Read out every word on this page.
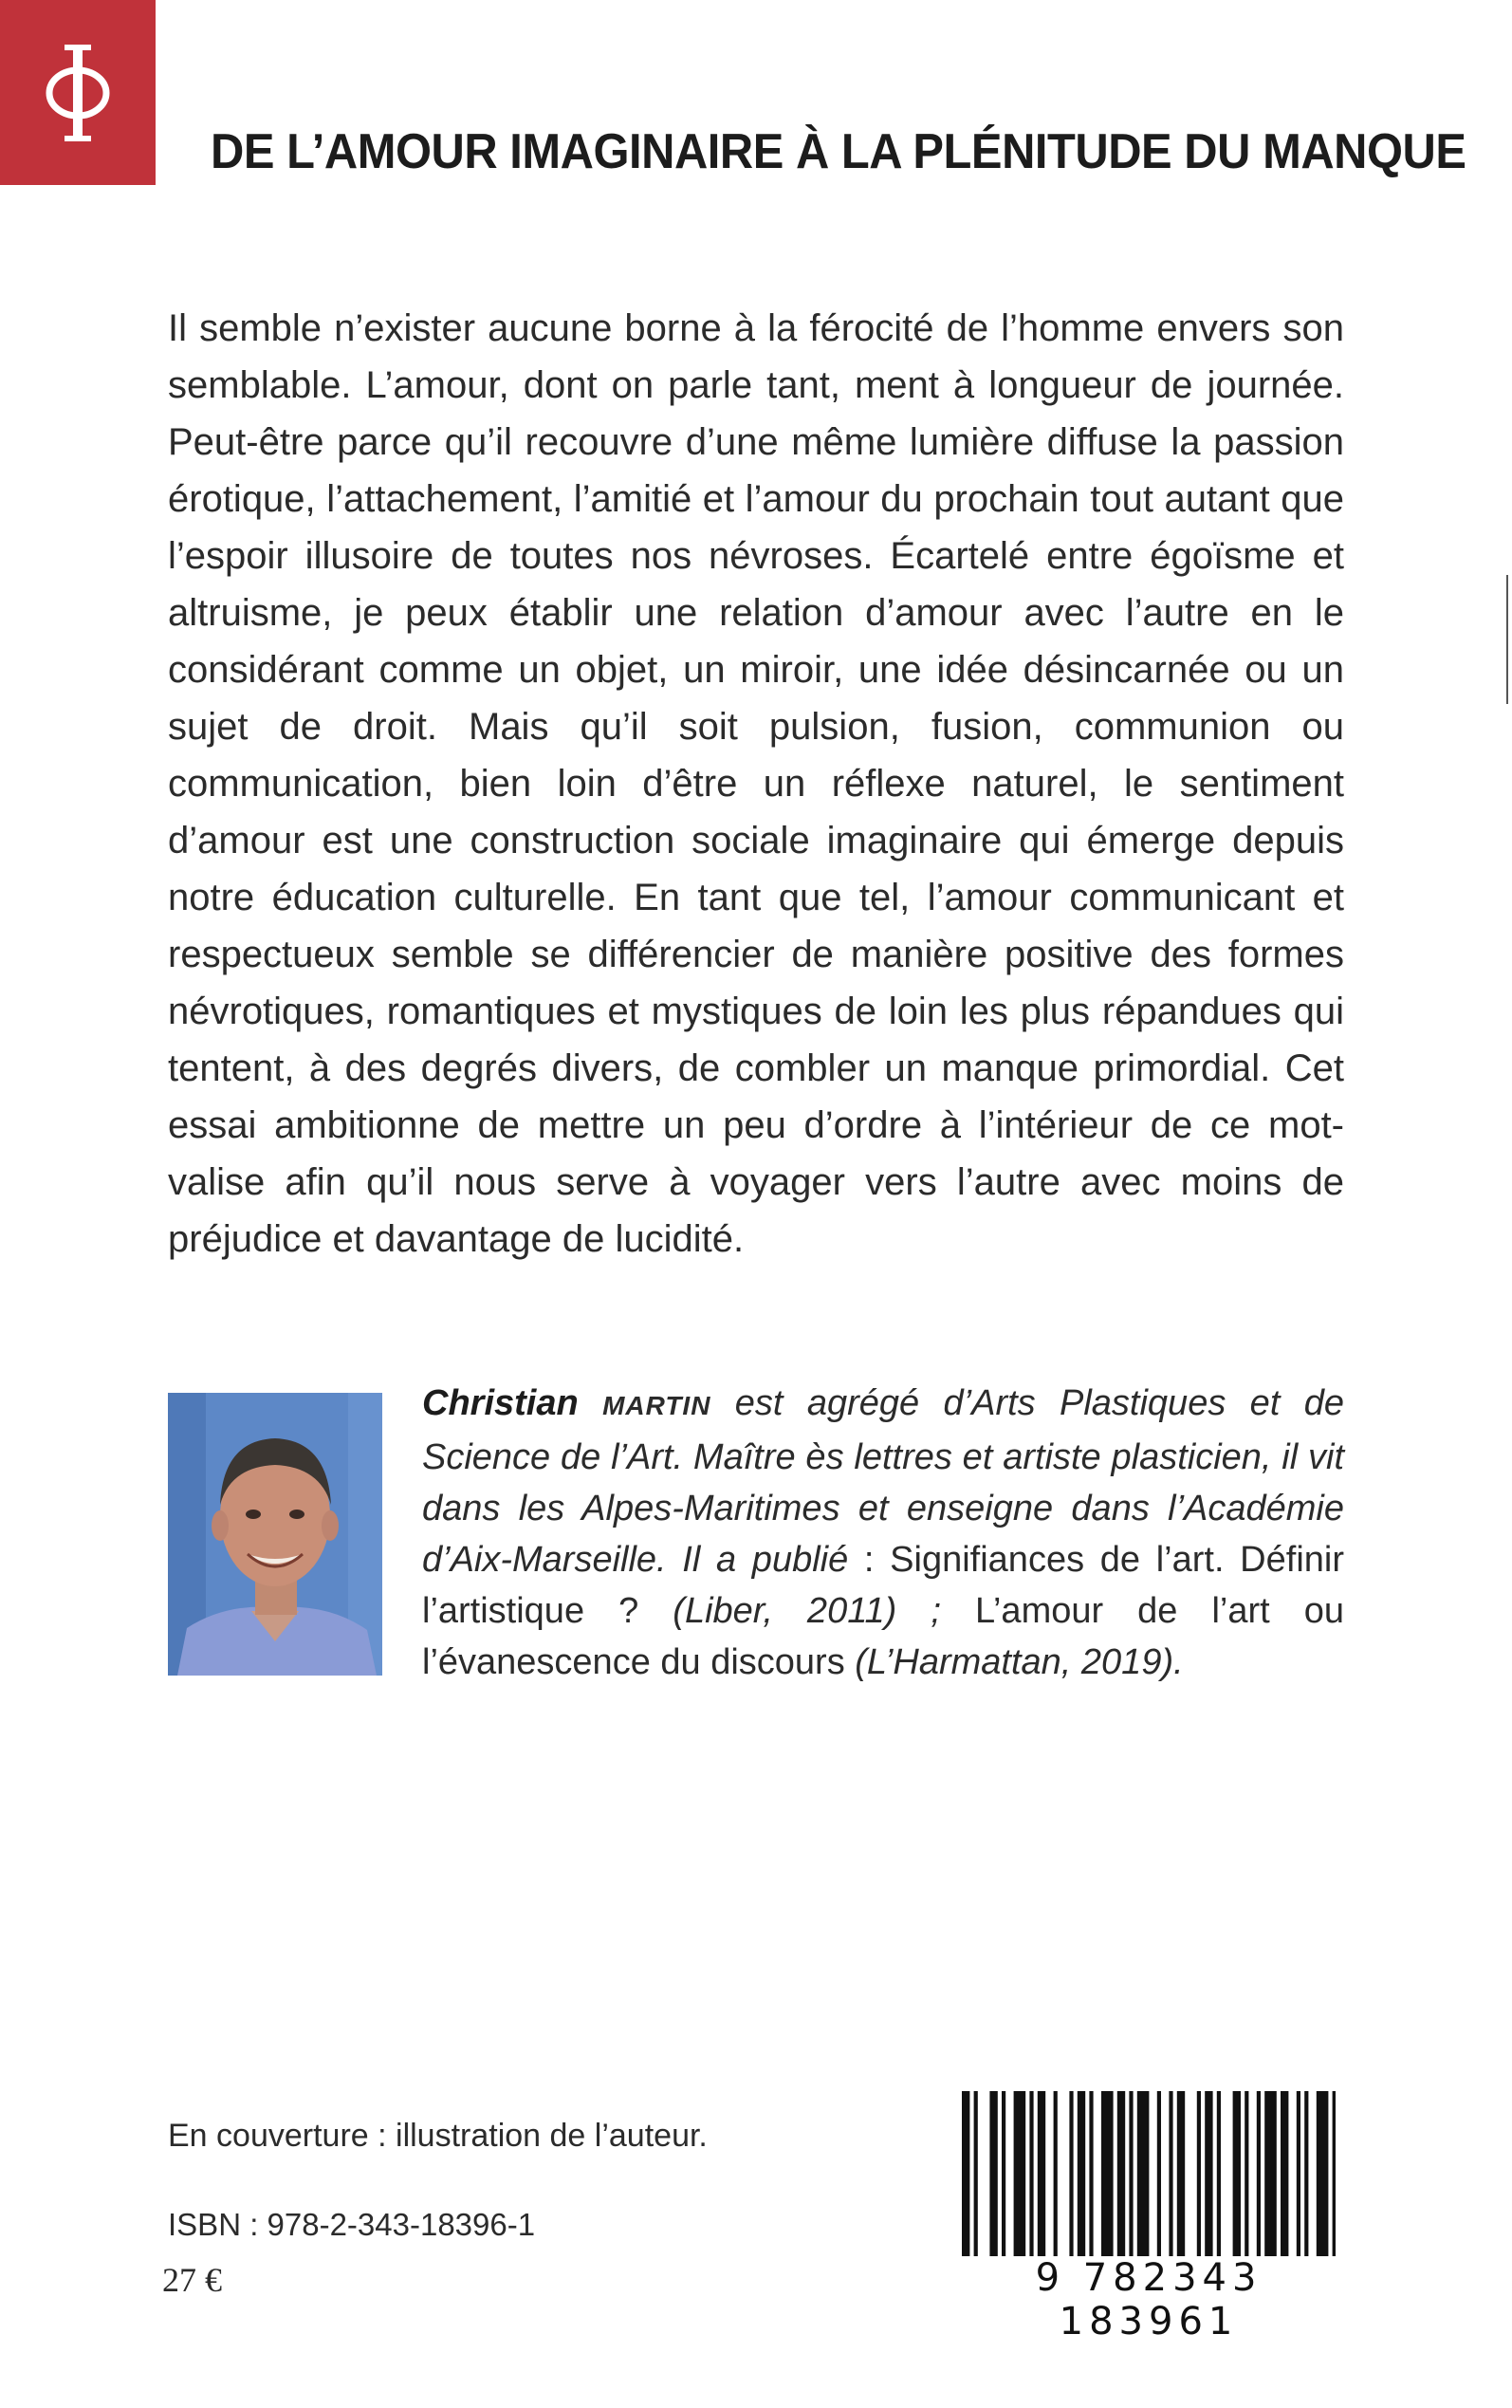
DE L’AMOUR IMAGINAIRE À LA PLÉNITUDE DU MANQUE
Il semble n’exister aucune borne à la férocité de l’homme envers son semblable. L’amour, dont on parle tant, ment à longueur de journée. Peut-être parce qu’il recouvre d’une même lumière diffuse la passion érotique, l’attachement, l’amitié et l’amour du prochain tout autant que l’espoir illusoire de toutes nos névroses. Écartelé entre égoïsme et altruisme, je peux établir une relation d’amour avec l’autre en le considérant comme un objet, un miroir, une idée désincarnée ou un sujet de droit. Mais qu’il soit pulsion, fusion, communion ou communication, bien loin d’être un réflexe naturel, le sentiment d’amour est une construction sociale imaginaire qui émerge depuis notre éducation culturelle. En tant que tel, l’amour communicant et respectueux semble se différencier de manière positive des formes névrotiques, romantiques et mystiques de loin les plus répandues qui tentent, à des degrés divers, de combler un manque primordial. Cet essai ambitionne de mettre un peu d’ordre à l’intérieur de ce mot-valise afin qu’il nous serve à voyager vers l’autre avec moins de préjudice et davantage de lucidité.
Christian MARTIN est agrégé d’Arts Plastiques et de Science de l’Art. Maître ès lettres et artiste plasticien, il vit dans les Alpes-Maritimes et enseigne dans l’Académie d’Aix-Marseille. Il a publié : Signifiances de l’art. Définir l’artistique ? (Liber, 2011) ; L’amour de l’art ou l’évanescence du discours (L’Harmattan, 2019).
En couverture : illustration de l’auteur.
ISBN : 978-2-343-18396-1
27 €	9 782343 183961
